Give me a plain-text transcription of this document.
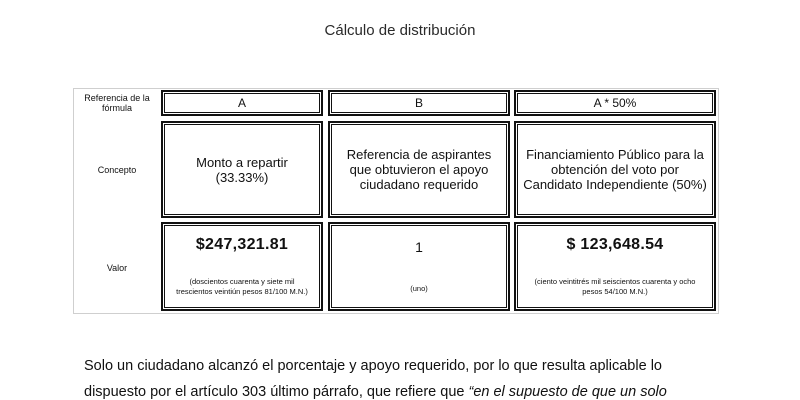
Cálculo de distribución
Referencia de la fórmula
Concepto
Valor
A	B	A * 50%
Monto a repartir (33.33%)
Referencia de aspirantes que obtuvieron el apoyo ciudadano requerido
Financiamiento Público para la obtención del voto por Candidato Independiente (50%)
$247,321.81
(doscientos cuarenta y siete mil trescientos veintiún pesos 81/100 M.N.)
1
(uno)
$ 123,648.54
(ciento veintitrés mil seiscientos cuarenta y ocho pesos 54/100 M.N.)
Solo un ciudadano alcanzó el porcentaje y apoyo requerido, por lo que resulta aplicable lo
dispuesto por el artículo 303 último párrafo, que refiere que “en el supuesto de que un solo
